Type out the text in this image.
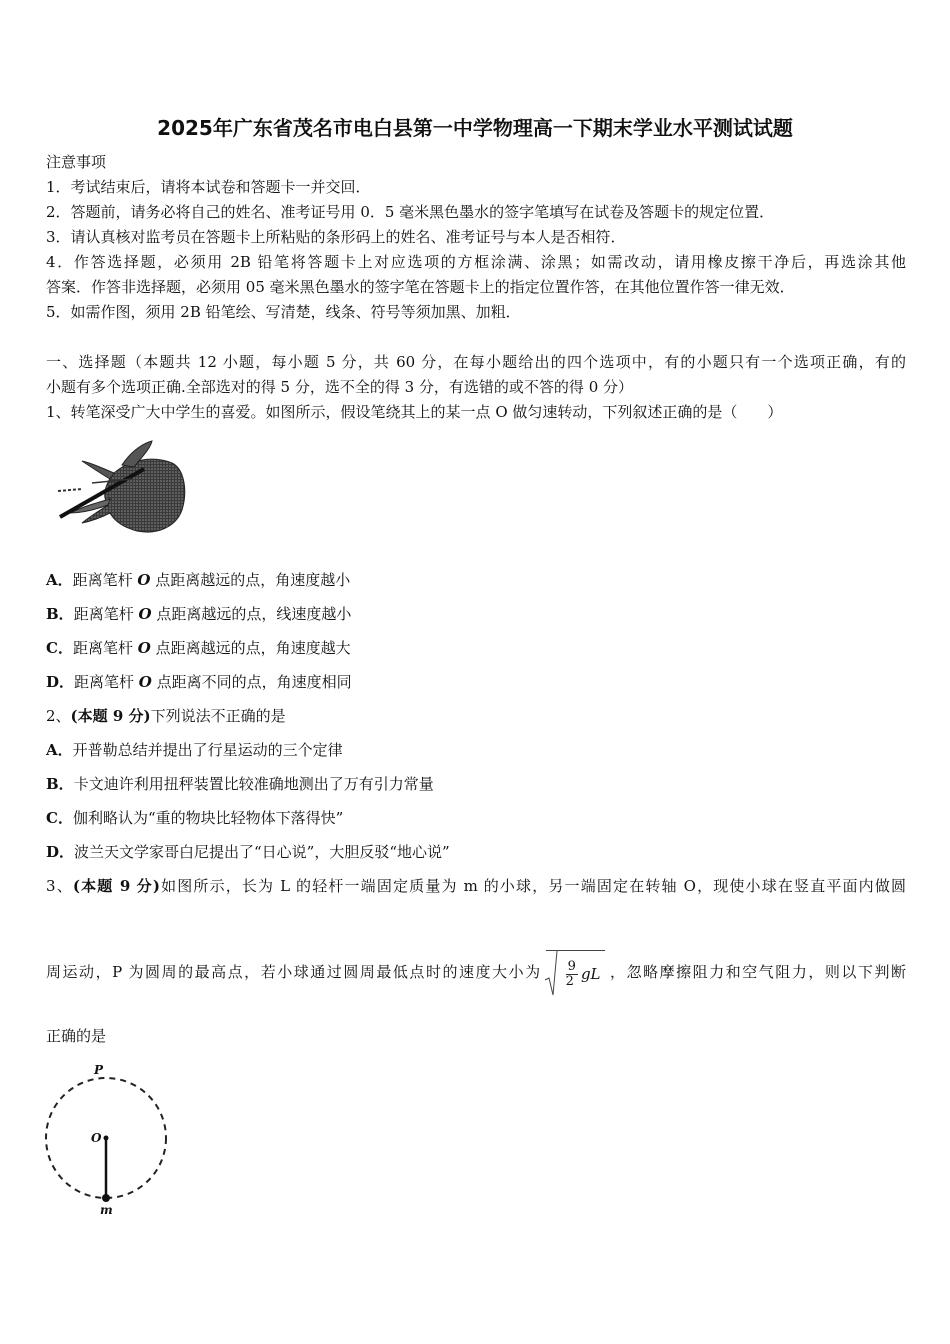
2025年广东省茂名市电白县第一中学物理高一下期末学业水平测试试题
注意事项
1．考试结束后，请将本试卷和答题卡一并交回．
2．答题前，请务必将自己的姓名、准考证号用 0．5 毫米黑色墨水的签字笔填写在试卷及答题卡的规定位置．
3．请认真核对监考员在答题卡上所粘贴的条形码上的姓名、准考证号与本人是否相符．
4．作答选择题，必须用 2B 铅笔将答题卡上对应选项的方框涂满、涂黑；如需改动，请用橡皮擦干净后，再选涂其他
答案．作答非选择题，必须用 05 毫米黑色墨水的签字笔在答题卡上的指定位置作答，在其他位置作答一律无效．
5．如需作图，须用 2B 铅笔绘、写清楚，线条、符号等须加黑、加粗．
一、选择题（本题共 12 小题，每小题 5 分，共 60 分，在每小题给出的四个选项中，有的小题只有一个选项正确，有的
小题有多个选项正确.全部选对的得 5 分，选不全的得 3 分，有选错的或不答的得 0 分）
1、转笔深受广大中学生的喜爱。如图所示，假设笔绕其上的某一点 O 做匀速转动，下列叙述正确的是（　　）
A．距离笔杆 O 点距离越远的点，角速度越小
B．距离笔杆 O 点距离越远的点，线速度越小
C．距离笔杆 O 点距离越远的点，角速度越大
D．距离笔杆 O 点距离不同的点，角速度相同
2、(本题 9 分)下列说法不正确的是
A．开普勒总结并提出了行星运动的三个定律
B．卡文迪许利用扭秤装置比较准确地测出了万有引力常量
C．伽利略认为“重的物块比轻物体下落得快”
D．波兰天文学家哥白尼提出了“日心说”，大胆反驳“地心说”
3、(本题 9 分)如图所示，长为 L 的轻杆一端固定质量为 m 的小球，另一端固定在转轴 O，现使小球在竖直平面内做圆
周运动，P 为圆周的最高点，若小球通过圆周最低点时的速度大小为 $\frac{9}{2}$ gL ，忽略摩擦阻力和空气阻力，则以下判断
正确的是
P
O
m
